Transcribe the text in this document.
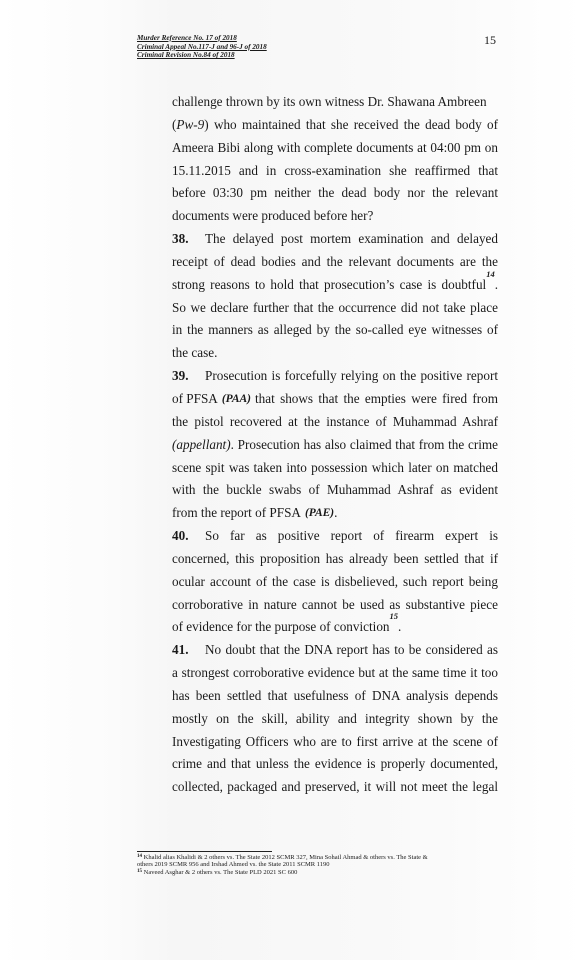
Murder Reference No. 17 of 2018
Criminal Appeal No.117-J and 96-J of 2018
Criminal Revision No.84 of 2018
15
challenge thrown by its own witness Dr. Shawana Ambreen
( Pw-9 ) who maintained that she received the dead body of
Ameera Bibi along with complete documents at 04:00 pm on
15.11.2015 and in cross-examination she reaffirmed that
before 03:30 pm neither the dead body nor the relevant
documents were produced before her?
38.	The delayed post mortem examination and delayed
receipt of dead bodies and the relevant documents are the
strong reasons to hold that prosecution’s case is doubtful
14
.
So we declare further that the occurrence did not take place
in the manners as alleged by the so-called eye witnesses of
the case.
39.	Prosecution is forcefully relying on the positive report
of PFSA (PAA) that shows that the empties were fired from
the pistol recovered at the instance of Muhammad Ashraf
(appellant) . Prosecution has also claimed that from the crime
scene spit was taken into possession which later on matched
with the buckle swabs of Muhammad Ashraf as evident
from the report of PFSA (PAE) .
40.	So far as positive report of firearm expert is
concerned, this proposition has already been settled that if
ocular account of the case is disbelieved, such report being
corroborative in nature cannot be used as substantive piece
of evidence for the purpose of conviction
15
.
41.	No doubt that the DNA report has to be considered as
a strongest corroborative evidence but at the same time it too
has been settled that usefulness of DNA analysis depends
mostly on the skill, ability and integrity shown by the
Investigating Officers who are to first arrive at the scene of
crime and that unless the evidence is properly documented,
collected, packaged and preserved, it will not meet the legal
$^{14}$ Khalid alias Khalidi & 2 others vs. The State 2012 SCMR 327, Mina Sohail Ahmad & others vs. The State &
others 2019 SCMR 956 and Irshad Ahmed vs. the State 2011 SCMR 1190
$^{15}$ Naveed Asghar & 2 others vs. The State PLD 2021 SC 600
